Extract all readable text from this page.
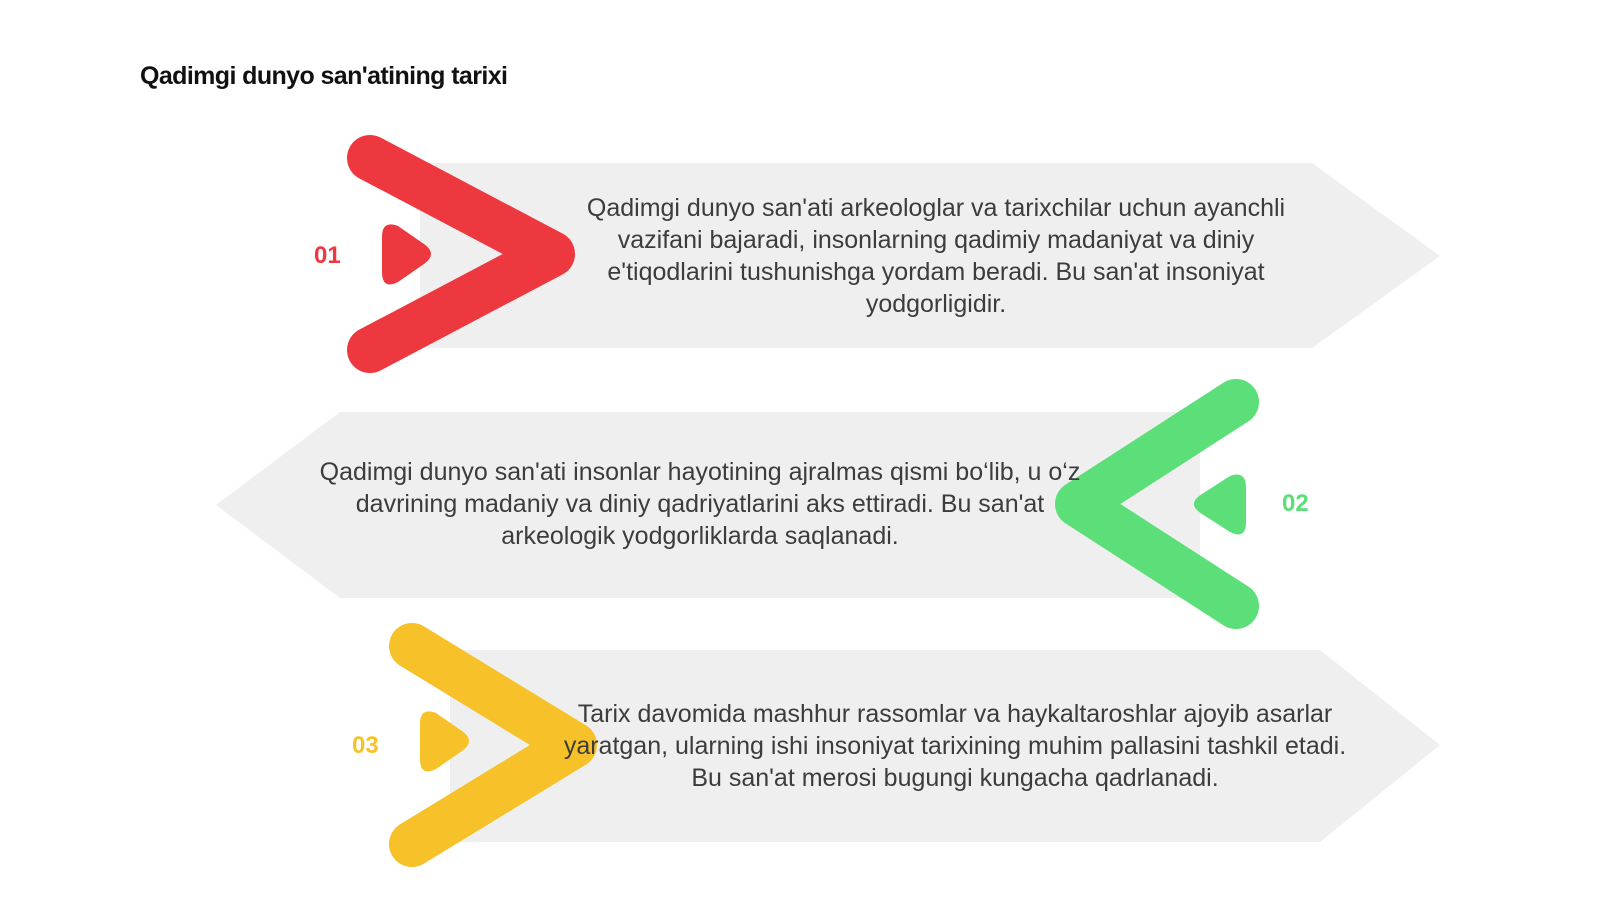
Qadimgi dunyo san'atining tarixi
01
Qadimgi dunyo san'ati arkeologlar va tarixchilar uchun ayanchli vazifani bajaradi, insonlarning qadimiy madaniyat va diniy e'tiqodlarini tushunishga yordam beradi. Bu san'at insoniyat yodgorligidir.
02
Qadimgi dunyo san'ati insonlar hayotining ajralmas qismi bo‘lib, u o‘z davrining madaniy va diniy qadriyatlarini aks ettiradi. Bu san'at arkeologik yodgorliklarda saqlanadi.
03
Tarix davomida mashhur rassomlar va haykaltaroshlar ajoyib asarlar yaratgan, ularning ishi insoniyat tarixining muhim pallasini tashkil etadi. Bu san'at merosi bugungi kungacha qadrlanadi.
